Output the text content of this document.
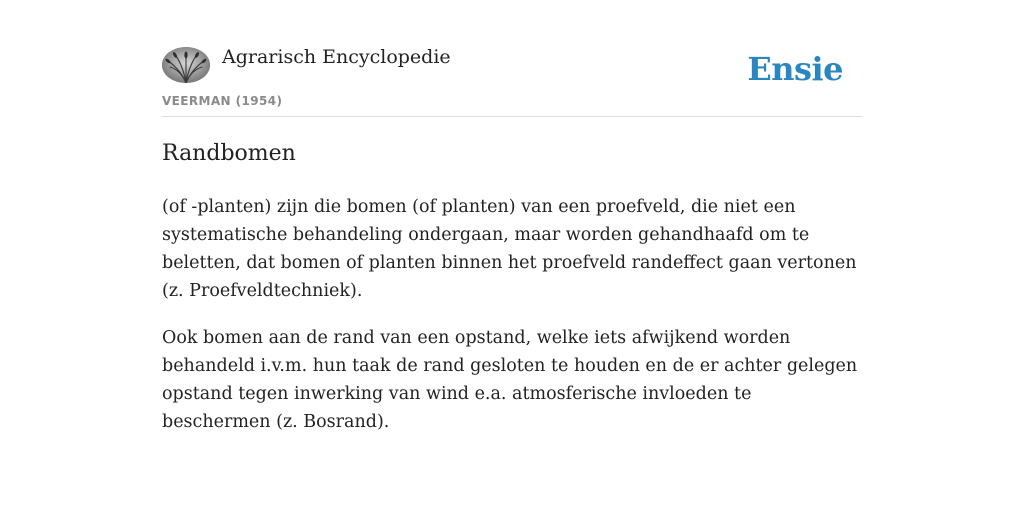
Agrarisch Encyclopedie
VEERMAN (1954)
Ensie
Randbomen

(of -planten) zijn die bomen (of planten) van een proefveld, die niet een systematische behandeling ondergaan, maar worden gehandhaafd om te beletten, dat bomen of planten binnen het proefveld randeffect gaan vertonen (z. Proefveldtechniek).

Ook bomen aan de rand van een opstand, welke iets afwijkend worden behandeld i.v.m. hun taak de rand gesloten te houden en de er achter gelegen opstand tegen inwerking van wind e.a. atmosferische invloeden te beschermen (z. Bosrand).
